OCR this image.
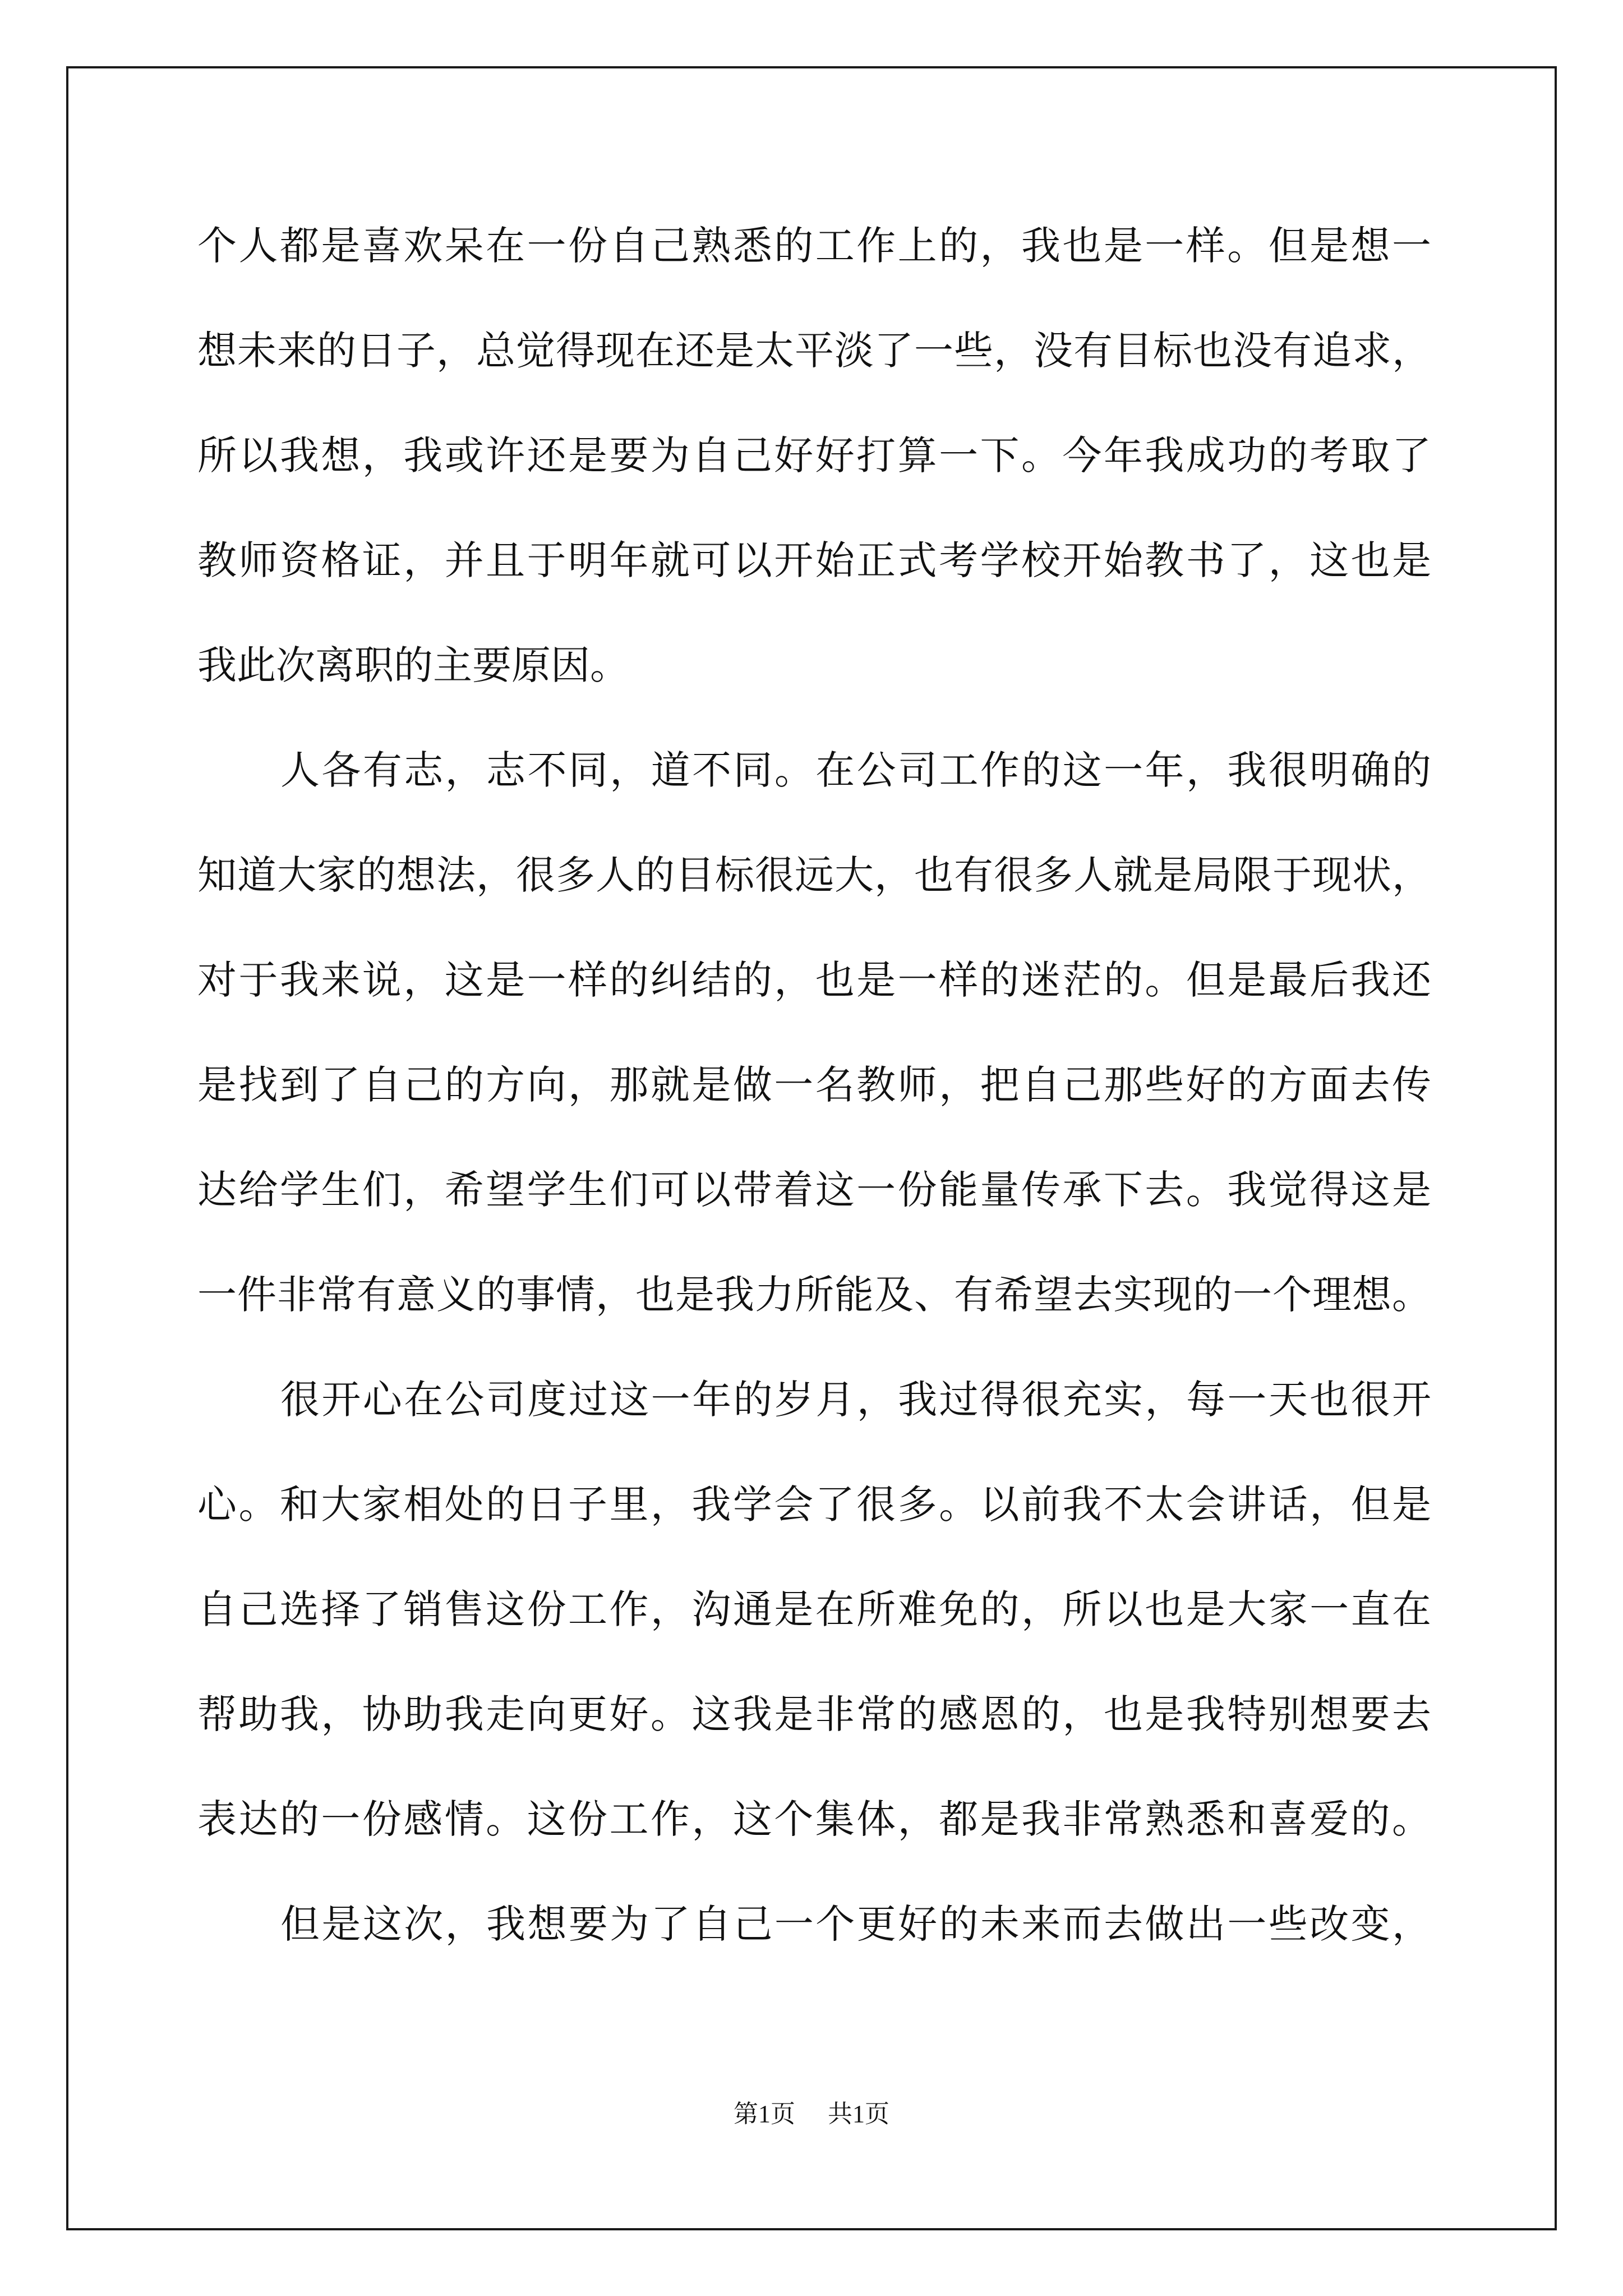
个人都是喜欢呆在一份自己熟悉的工作上的，我也是一样。但是想一
想未来的日子，总觉得现在还是太平淡了一些，没有目标也没有追求，
所以我想，我或许还是要为自己好好打算一下。今年我成功的考取了
教师资格证，并且于明年就可以开始正式考学校开始教书了，这也是
我此次离职的主要原因。
人各有志，志不同，道不同。在公司工作的这一年，我很明确的
知道大家的想法，很多人的目标很远大，也有很多人就是局限于现状，
对于我来说，这是一样的纠结的，也是一样的迷茫的。但是最后我还
是找到了自己的方向，那就是做一名教师，把自己那些好的方面去传
达给学生们，希望学生们可以带着这一份能量传承下去。我觉得这是
一件非常有意义的事情，也是我力所能及、有希望去实现的一个理想。
很开心在公司度过这一年的岁月，我过得很充实，每一天也很开
心。和大家相处的日子里，我学会了很多。以前我不太会讲话，但是
自己选择了销售这份工作，沟通是在所难免的，所以也是大家一直在
帮助我，协助我走向更好。这我是非常的感恩的，也是我特别想要去
表达的一份感情。这份工作，这个集体，都是我非常熟悉和喜爱的。
但是这次，我想要为了自己一个更好的未来而去做出一些改变，
第1页 共1页
